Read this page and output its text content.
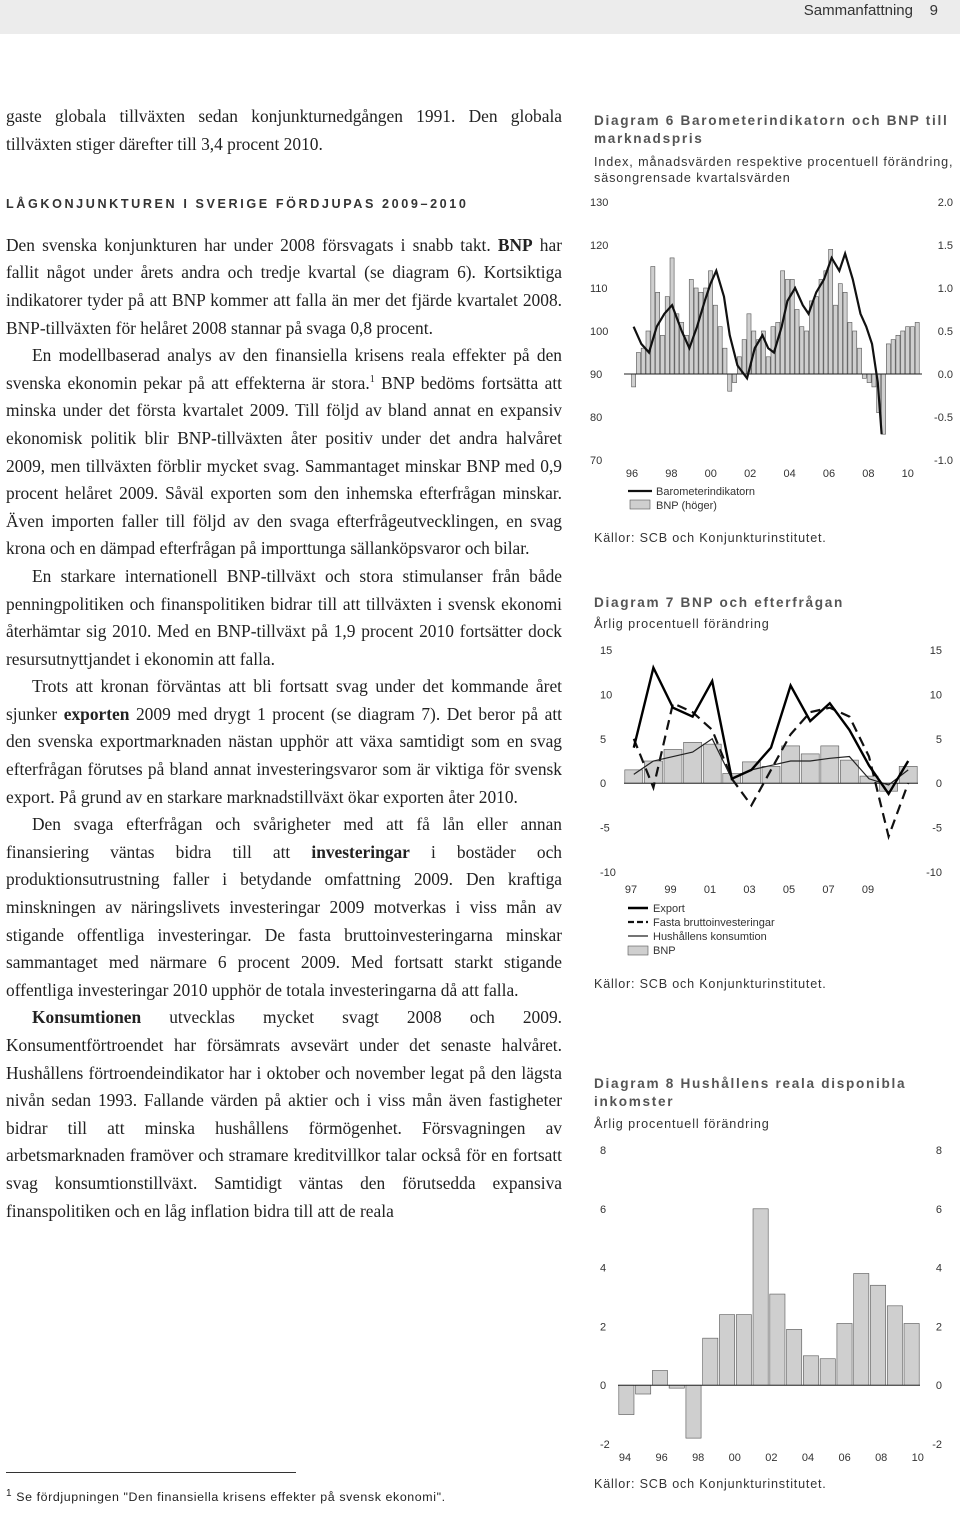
Sammanfattning 9

gaste globala tillväxten sedan konjunkturnedgången 1991. Den globala tillväxten stiger därefter till 3,4 procent 2010.

LÅGKONJUNKTUREN I SVERIGE FÖRDJUPAS 2009–2010

Den svenska konjunkturen har under 2008 försvagats i snabb takt. BNP har fallit något under årets andra och tredje kvartal (se diagram 6). Kortsiktiga indikatorer tyder på att BNP kommer att falla än mer det fjärde kvartalet 2008. BNP-tillväxten för helåret 2008 stannar på svaga 0,8 procent.

En modellbaserad analys av den finansiella krisens reala effekter på den svenska ekonomin pekar på att effekterna är stora.$^1$ BNP bedöms fortsätta att minska under det första kvartalet 2009. Till följd av bland annat en expansiv ekonomisk politik blir BNP-tillväxten åter positiv under det andra halvåret 2009, men tillväxten förblir mycket svag. Sammantaget minskar BNP med 0,9 procent helåret 2009. Såväl exporten som den inhemska efterfrågan minskar. Även importen faller till följd av den svaga efterfrågeutvecklingen, en svag krona och en dämpad efterfrågan på importtunga sällanköpsvaror och bilar.

En starkare internationell BNP-tillväxt och stora stimulanser från både penningpolitiken och finanspolitiken bidrar till att tillväxten i svensk ekonomi återhämtar sig 2010. Med en BNP-tillväxt på 1,9 procent 2010 fortsätter dock resursutnyttjandet i ekonomin att falla.

Trots att kronan förväntas att bli fortsatt svag under det kommande året sjunker exporten 2009 med drygt 1 procent (se diagram 7). Det beror på att den svenska exportmarknaden nästan upphör att växa samtidigt som en svag efterfrågan förutses på bland annat investeringsvaror som är viktiga för svensk export. På grund av en starkare marknadstillväxt ökar exporten åter 2010.

Den svaga efterfrågan och svårigheter med att få lån eller annan finansiering väntas bidra till att investeringar i bostäder och produktionsutrustning faller i betydande omfattning 2009. Den kraftiga minskningen av näringslivets investeringar 2009 motverkas i viss mån av stigande offentliga investeringar. De fasta bruttoinvesteringarna minskar sammantaget med närmare 6 procent 2009. Med fortsatt starkt stigande offentliga investeringar 2010 upphör de totala investeringarna då att falla.

Konsumtionen utvecklas mycket svagt 2008 och 2009. Konsumentförtroendet har försämrats avsevärt under det senaste halvåret. Hushållens förtroendeindikator har i oktober och november legat på den lägsta nivån sedan 1993. Fallande värden på aktier och i viss mån även fastigheter bidrar till att minska hushållens förmögenhet. Försvagningen av arbetsmarknaden framöver och stramare kreditvillkor talar också för en fortsatt svag konsumtionstillväxt. Samtidigt väntas den förutsedda expansiva finanspolitiken och en låg inflation bidra till att de reala

$^1$ Se fördjupningen "Den finansiella krisens effekter på svensk ekonomi".
Diagram 6 Barometerindikatorn och BNP till marknadspris
Index, månadsvärden respektive procentuell förändring, säsongrensade kvartalsvärden
130
120
110
100
90
80
70
2.0
1.5
1.0
0.5
0.0
-0.5
-1.0
96 98 00 02 04 06 08 10
Barometerindikatorn
BNP (höger)
Källor: SCB och Konjunkturinstitutet.
Diagram 7 BNP och efterfrågan
Årlig procentuell förändring
15	15
10	10
5	5
0	0
-5	-5
-10	-10
97 99 01 03 05 07 09
Export
Fasta bruttoinvesteringar
Hushållens konsumtion
BNP
Källor: SCB och Konjunkturinstitutet.
Diagram 8 Hushållens reala disponibla inkomster
Årlig procentuell förändring
8	8
6	6
4	4
2	2
0	0
-2	-2
94 96 98 00 02 04 06 08 10
Källor: SCB och Konjunkturinstitutet.
